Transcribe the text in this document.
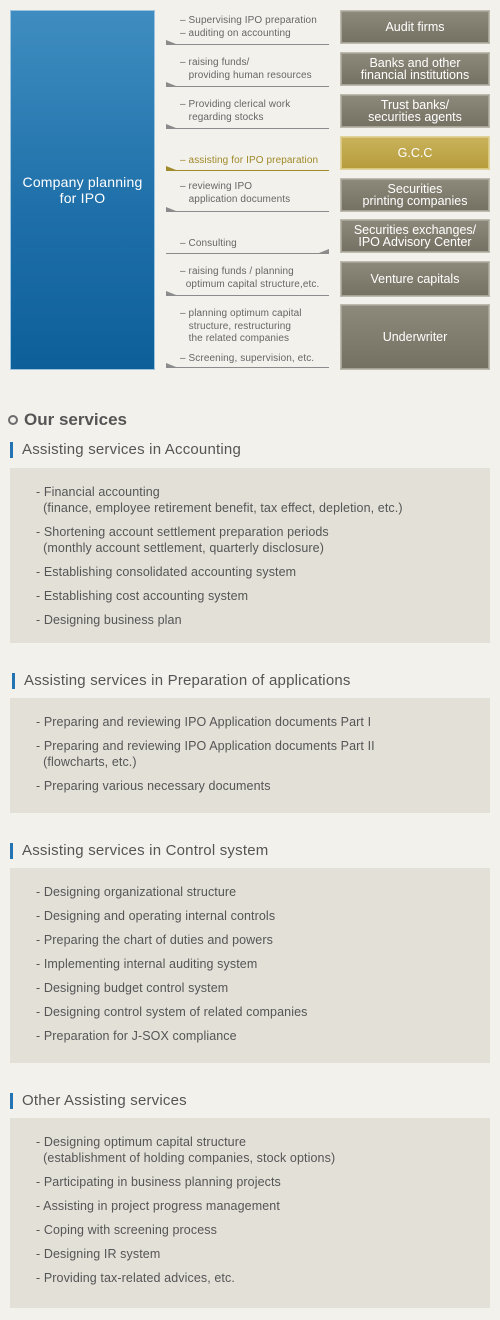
Company planning
for IPO
Audit firms
Banks and other
financial institutions
Trust banks/
securities agents
G.C.C
Securities
printing companies
Securities exchanges/
IPO Advisory Center
Venture capitals
Underwriter
– Supervising IPO preparation
– auditing on accounting
– raising funds/
providing human resources
– Providing clerical work
regarding stocks
– assisting for IPO preparation
– reviewing IPO
application documents
– Consulting
– raising funds / planning
optimum capital structure,etc.
– planning optimum capital
structure, restructuring
the related companies
– Screening, supervision, etc.
Our services
Assisting services in Accounting
- Financial accounting
(finance, employee retirement benefit, tax effect, depletion, etc.)
- Shortening account settlement preparation periods
(monthly account settlement, quarterly disclosure)
- Establishing consolidated accounting system
- Establishing cost accounting system
- Designing business plan
Assisting services in Preparation of applications
- Preparing and reviewing IPO Application documents Part I
- Preparing and reviewing IPO Application documents Part II
(flowcharts, etc.)
- Preparing various necessary documents
Assisting services in Control system
- Designing organizational structure
- Designing and operating internal controls
- Preparing the chart of duties and powers
- Implementing internal auditing system
- Designing budget control system
- Designing control system of related companies
- Preparation for J-SOX compliance
Other Assisting services
- Designing optimum capital structure
(establishment of holding companies, stock options)
- Participating in business planning projects
- Assisting in project progress management
- Coping with screening process
- Designing IR system
- Providing tax-related advices, etc.
